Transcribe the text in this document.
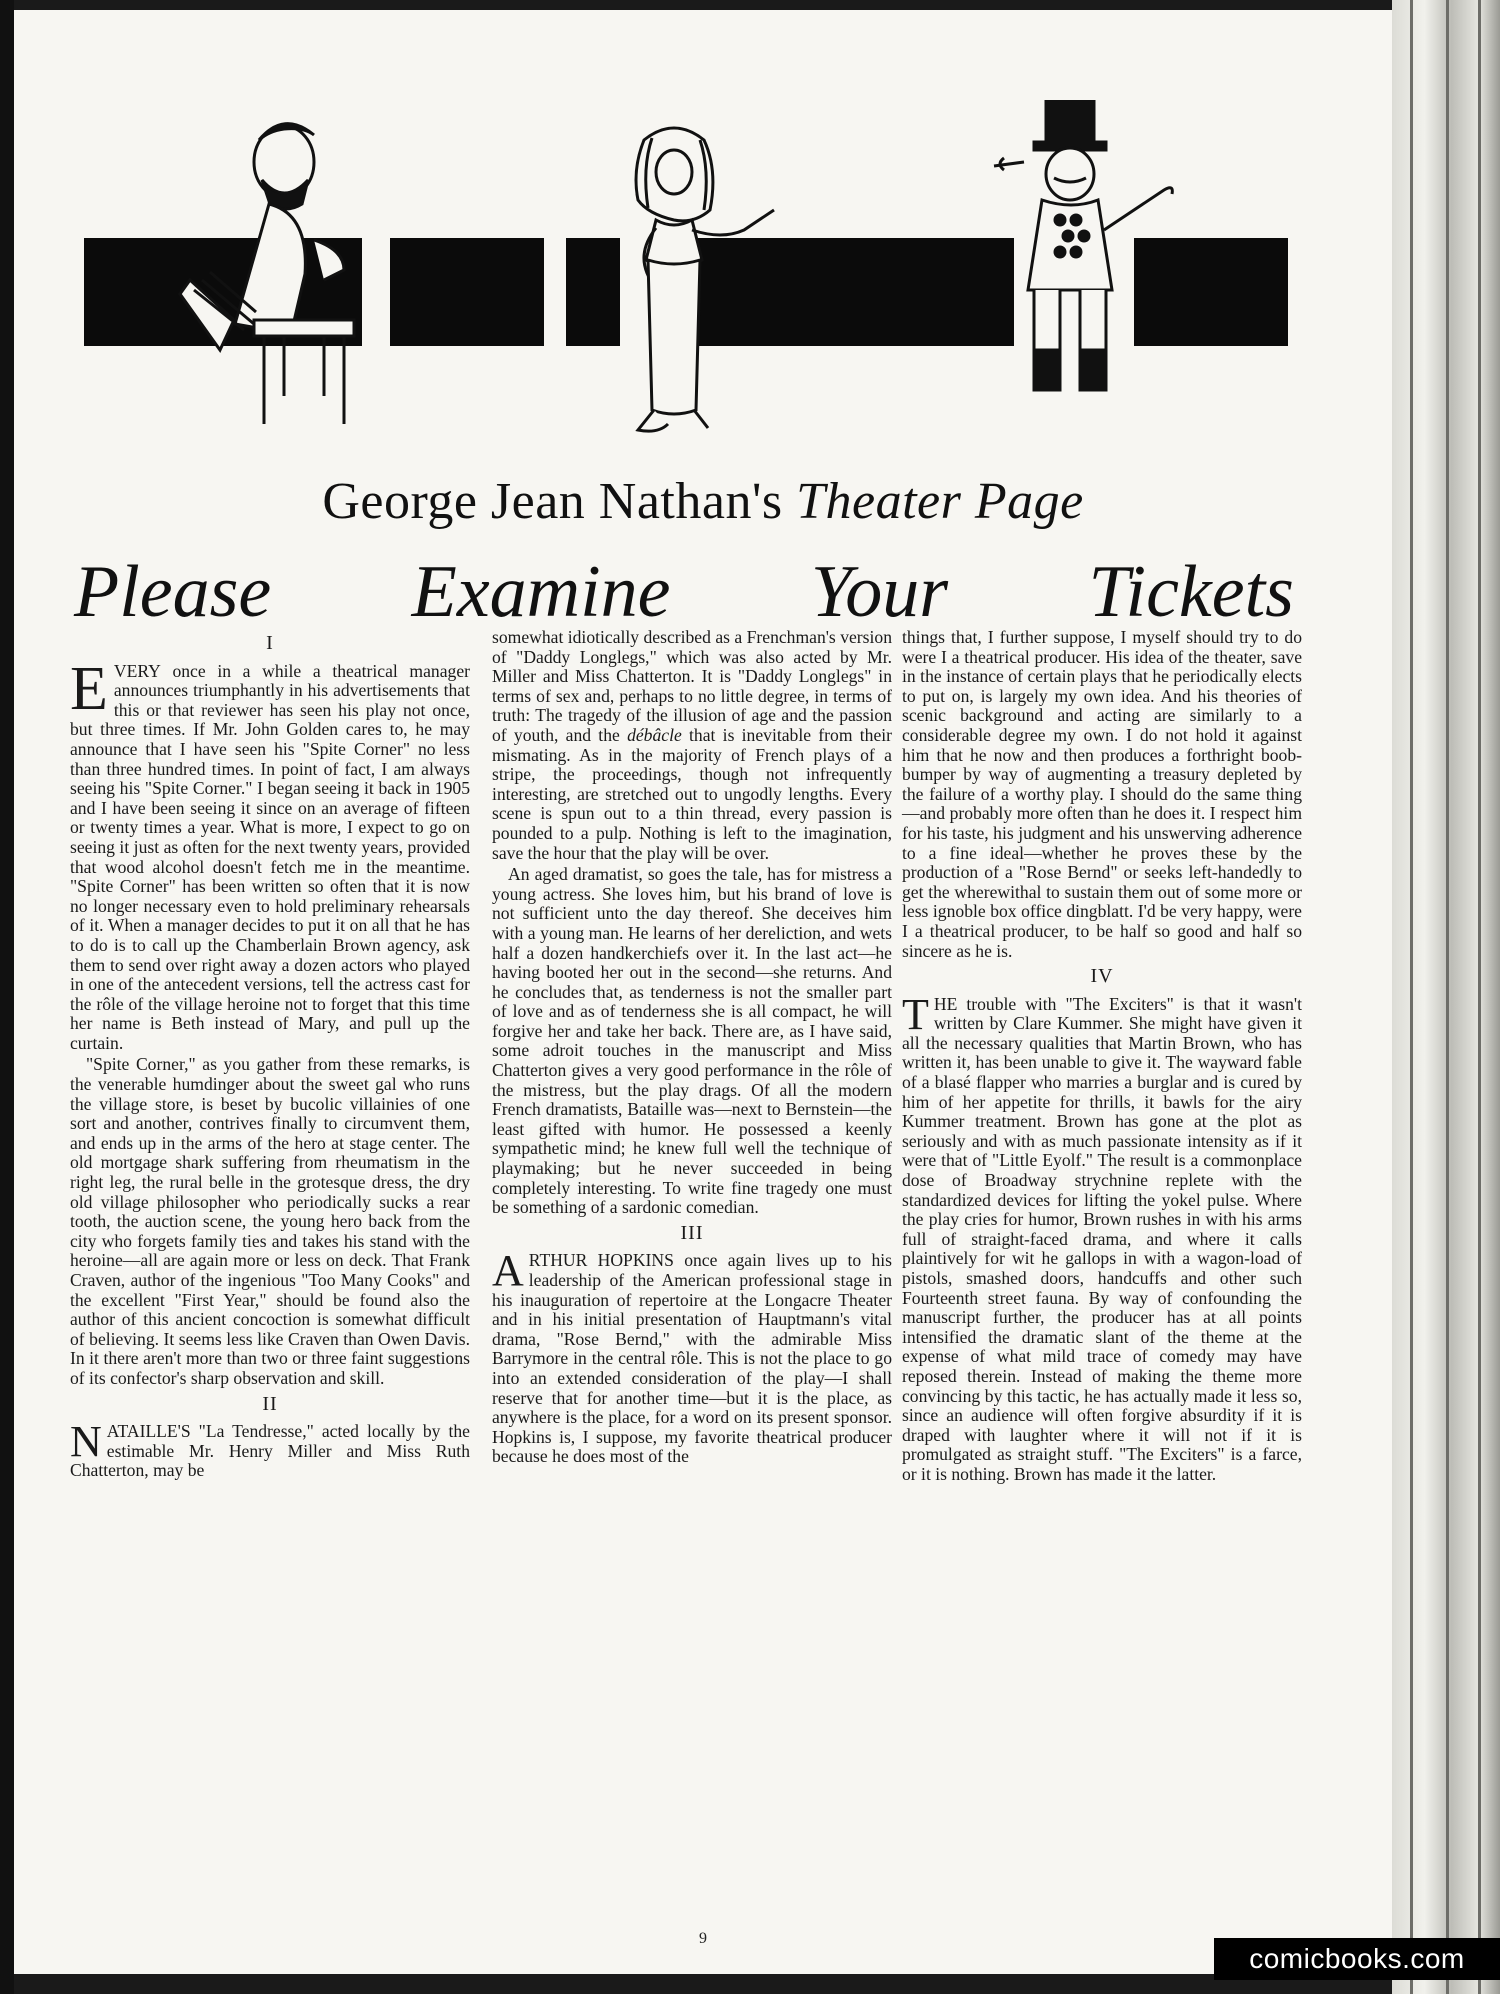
George Jean Nathan's Theater Page
Please Examine Your Tickets
I

EVERY once in a while a theatrical manager announces triumphantly in his advertisements that this or that reviewer has seen his play not once, but three times. If Mr. John Golden cares to, he may announce that I have seen his "Spite Corner" no less than three hundred times. In point of fact, I am always seeing his "Spite Corner." I began seeing it back in 1905 and I have been seeing it since on an average of fifteen or twenty times a year. What is more, I expect to go on seeing it just as often for the next twenty years, provided that wood alcohol doesn't fetch me in the meantime. "Spite Corner" has been written so often that it is now no longer necessary even to hold preliminary rehearsals of it. When a manager decides to put it on all that he has to do is to call up the Chamberlain Brown agency, ask them to send over right away a dozen actors who played in one of the antecedent versions, tell the actress cast for the rôle of the village heroine not to forget that this time her name is Beth instead of Mary, and pull up the curtain.

"Spite Corner," as you gather from these remarks, is the venerable humdinger about the sweet gal who runs the village store, is beset by bucolic villainies of one sort and another, contrives finally to circumvent them, and ends up in the arms of the hero at stage center. The old mortgage shark suffering from rheumatism in the right leg, the rural belle in the grotesque dress, the dry old village philosopher who periodically sucks a rear tooth, the auction scene, the young hero back from the city who forgets family ties and takes his stand with the heroine—all are again more or less on deck. That Frank Craven, author of the ingenious "Too Many Cooks" and the excellent "First Year," should be found also the author of this ancient concoction is somewhat difficult of believing. It seems less like Craven than Owen Davis. In it there aren't more than two or three faint suggestions of its confector's sharp observation and skill.

II

NATAILLE'S "La Tendresse," acted locally by the estimable Mr. Henry Miller and Miss Ruth Chatterton, may be

somewhat idiotically described as a Frenchman's version of "Daddy Longlegs," which was also acted by Mr. Miller and Miss Chatterton. It is "Daddy Longlegs" in terms of sex and, perhaps to no little degree, in terms of truth: The tragedy of the illusion of age and the passion of youth, and the débâcle that is inevitable from their mismating. As in the majority of French plays of a stripe, the proceedings, though not infrequently interesting, are stretched out to ungodly lengths. Every scene is spun out to a thin thread, every passion is pounded to a pulp. Nothing is left to the imagination, save the hour that the play will be over.

An aged dramatist, so goes the tale, has for mistress a young actress. She loves him, but his brand of love is not sufficient unto the day thereof. She deceives him with a young man. He learns of her dereliction, and wets half a dozen handkerchiefs over it. In the last act—he having booted her out in the second—she returns. And he concludes that, as tenderness is not the smaller part of love and as of tenderness she is all compact, he will forgive her and take her back. There are, as I have said, some adroit touches in the manuscript and Miss Chatterton gives a very good performance in the rôle of the mistress, but the play drags. Of all the modern French dramatists, Bataille was—next to Bernstein—the least gifted with humor. He possessed a keenly sympathetic mind; he knew full well the technique of playmaking; but he never succeeded in being completely interesting. To write fine tragedy one must be something of a sardonic comedian.

III

ARTHUR HOPKINS once again lives up to his leadership of the American professional stage in his inauguration of repertoire at the Longacre Theater and in his initial presentation of Hauptmann's vital drama, "Rose Bernd," with the admirable Miss Barrymore in the central rôle. This is not the place to go into an extended consideration of the play—I shall reserve that for another time—but it is the place, as anywhere is the place, for a word on its present sponsor. Hopkins is, I suppose, my favorite theatrical producer because he does most of the

things that, I further suppose, I myself should try to do were I a theatrical producer. His idea of the theater, save in the instance of certain plays that he periodically elects to put on, is largely my own idea. And his theories of scenic background and acting are similarly to a considerable degree my own. I do not hold it against him that he now and then produces a forthright boob-bumper by way of augmenting a treasury depleted by the failure of a worthy play. I should do the same thing—and probably more often than he does it. I respect him for his taste, his judgment and his unswerving adherence to a fine ideal—whether he proves these by the production of a "Rose Bernd" or seeks left-handedly to get the wherewithal to sustain them out of some more or less ignoble box office dingblatt. I'd be very happy, were I a theatrical producer, to be half so good and half so sincere as he is.

IV

THE trouble with "The Exciters" is that it wasn't written by Clare Kummer. She might have given it all the necessary qualities that Martin Brown, who has written it, has been unable to give it. The wayward fable of a blasé flapper who marries a burglar and is cured by him of her appetite for thrills, it bawls for the airy Kummer treatment. Brown has gone at the plot as seriously and with as much passionate intensity as if it were that of "Little Eyolf." The result is a commonplace dose of Broadway strychnine replete with the standardized devices for lifting the yokel pulse. Where the play cries for humor, Brown rushes in with his arms full of straight-faced drama, and where it calls plaintively for wit he gallops in with a wagon-load of pistols, smashed doors, handcuffs and other such Fourteenth street fauna. By way of confounding the manuscript further, the producer has at all points intensified the dramatic slant of the theme at the expense of what mild trace of comedy may have reposed therein. Instead of making the theme more convincing by this tactic, he has actually made it less so, since an audience will often forgive absurdity if it is draped with laughter where it will not if it is promulgated as straight stuff. "The Exciters" is a farce, or it is nothing. Brown has made it the latter.

9
comicbooks.com
